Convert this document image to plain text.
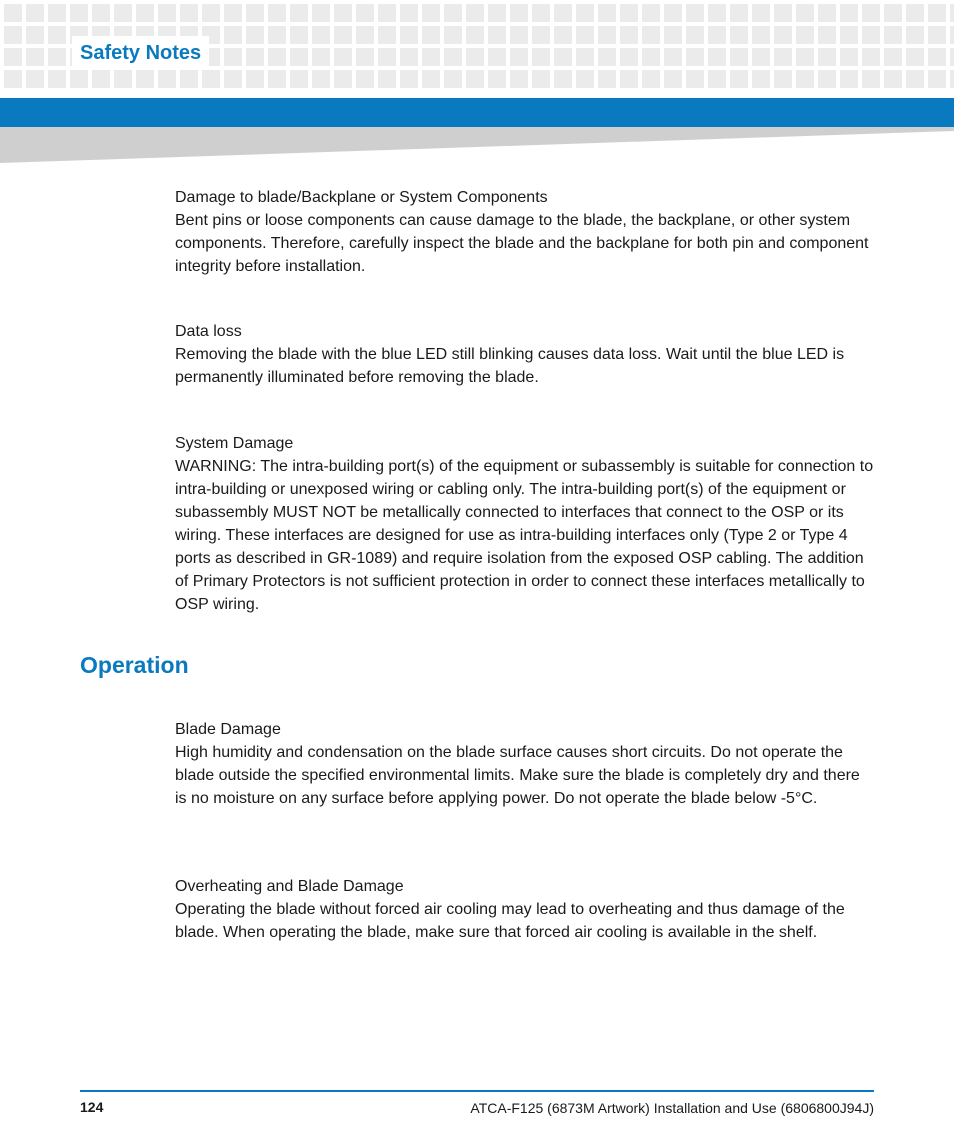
Safety Notes

Damage to blade/Backplane or System Components

Bent pins or loose components can cause damage to the blade, the backplane, or other system components. Therefore, carefully inspect the blade and the backplane for both pin and component integrity before installation.

Data loss

Removing the blade with the blue LED still blinking causes data loss. Wait until the blue LED is permanently illuminated before removing the blade.

System Damage

WARNING: The intra-building port(s) of the equipment or subassembly is suitable for connection to intra-building or unexposed wiring or cabling only. The intra-building port(s) of the equipment or subassembly MUST NOT be metallically connected to interfaces that connect to the OSP or its wiring. These interfaces are designed for use as intra-building interfaces only (Type 2 or Type 4 ports as described in GR-1089) and require isolation from the exposed OSP cabling. The addition of Primary Protectors is not sufficient protection in order to connect these interfaces metallically to OSP wiring.

Operation

Blade Damage

High humidity and condensation on the blade surface causes short circuits. Do not operate the blade outside the specified environmental limits. Make sure the blade is completely dry and there is no moisture on any surface before applying power. Do not operate the blade below -5°C.

Overheating and Blade Damage

Operating the blade without forced air cooling may lead to overheating and thus damage of the blade. When operating the blade, make sure that forced air cooling is available in the shelf.

124	ATCA-F125 (6873M Artwork) Installation and Use (6806800J94J)
